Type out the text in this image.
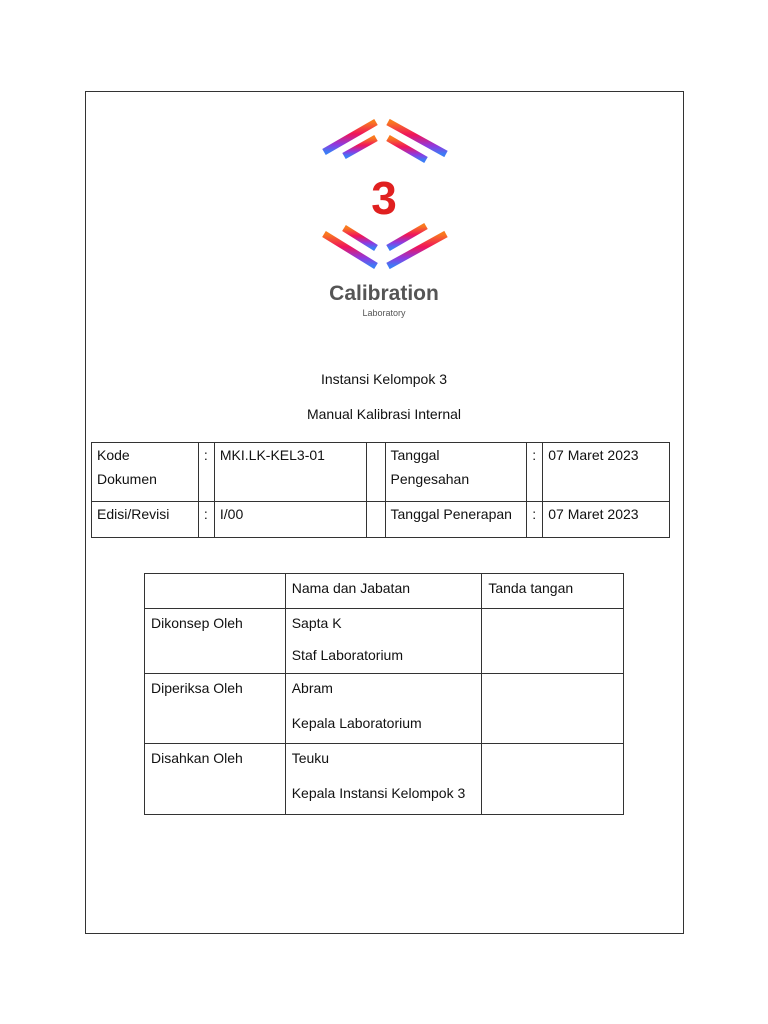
3
Calibration
Laboratory
Instansi Kelompok 3
Manual Kalibrasi Internal
Kode Dokumen	:	MKI.LK-KEL3-01		Tanggal Pengesahan	:	07 Maret 2023
Edisi/Revisi	:	I/00		Tanggal Penerapan	:	07 Maret 2023
	Nama dan Jabatan	Tanda tangan
Dikonsep Oleh	Sapta K
Staf Laboratorium	

Diperiksa Oleh	Abram
Kepala Laboratorium	

Disahkan Oleh	Teuku
Kepala Instansi Kelompok 3	
